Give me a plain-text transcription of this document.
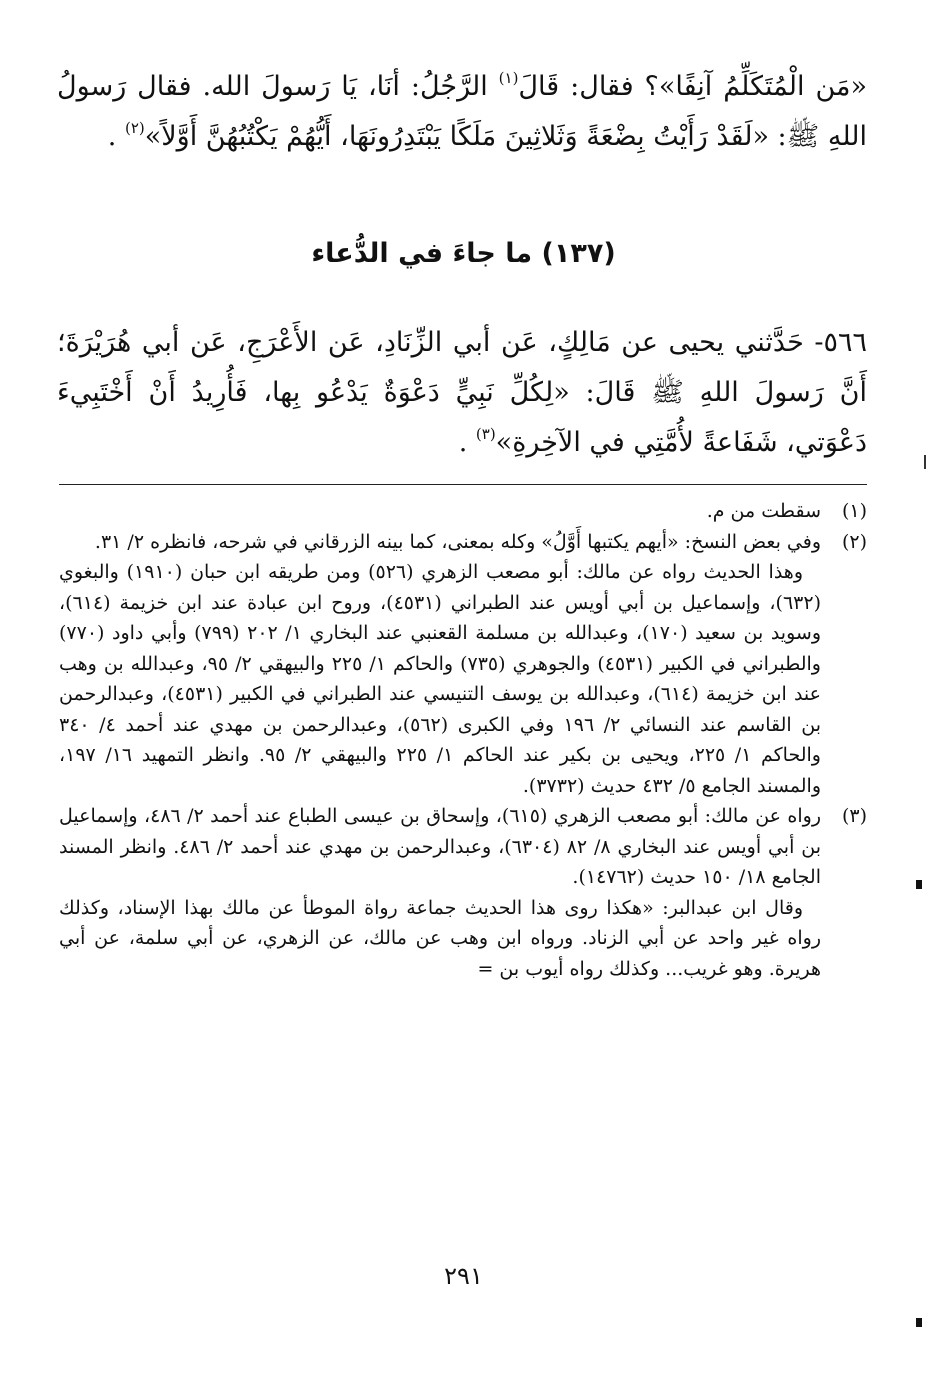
«مَن الْمُتَكَلِّمُ آنِفًا»؟ فقال: قَالَ$^{(١)}$ الرَّجُلُ: أنَا، يَا رَسولَ الله. فقال رَسولُ اللهِ ﷺ: «لَقَدْ رَأَيْتُ بِضْعَةً وَثَلاثِينَ مَلَكًا يَبْتَدِرُونَهَا، أَيُّهُمْ يَكْتُبُهُنَّ أَوَّلاً»$^{(٢)}$ .
(١٣٧) ما جاءَ في الدُّعاء
٥٦٦- حَدَّثني يحيى عن مَالِكٍ، عَن أبي الزِّنَادِ، عَن الأَعْرَجِ، عَن أبي هُرَيْرَةَ؛ أَنَّ رَسولَ اللهِ ﷺ قَالَ: «لِكُلِّ نَبِيٍّ دَعْوَةٌ يَدْعُو بِها، فَأُرِيدُ أَنْ أَخْتَبِيءَ دَعْوَتي، شَفَاعةً لأُمَّتِي في الآخِرةِ»$^{(٣)}$ .
(١)
سقطت من م.
(٢)
وفي بعض النسخ: «أيهم يكتبها أَوَّلُ» وكله بمعنى، كما بينه الزرقاني في شرحه، فانظره ٢/ ٣١.
وهذا الحديث رواه عن مالك: أبو مصعب الزهري (٥٢٦) ومن طريقه ابن حبان (١٩١٠) والبغوي (٦٣٢)، وإسماعيل بن أبي أويس عند الطبراني (٤٥٣١)، وروح ابن عبادة عند ابن خزيمة (٦١٤)، وسويد بن سعيد (١٧٠)، وعبدالله بن مسلمة القعنبي عند البخاري ١/ ٢٠٢ (٧٩٩) وأبي داود (٧٧٠) والطبراني في الكبير (٤٥٣١) والجوهري (٧٣٥) والحاكم ١/ ٢٢٥ والبيهقي ٢/ ٩٥، وعبدالله بن وهب عند ابن خزيمة (٦١٤)، وعبدالله بن يوسف التنيسي عند الطبراني في الكبير (٤٥٣١)، وعبدالرحمن بن القاسم عند النسائي ٢/ ١٩٦ وفي الكبرى (٥٦٢)، وعبدالرحمن بن مهدي عند أحمد ٤/ ٣٤٠ والحاكم ١/ ٢٢٥، ويحيى بن بكير عند الحاكم ١/ ٢٢٥ والبيهقي ٢/ ٩٥. وانظر التمهيد ١٦/ ١٩٧، والمسند الجامع ٥/ ٤٣٢ حديث (٣٧٣٢).
(٣)
رواه عن مالك: أبو مصعب الزهري (٦١٥)، وإسحاق بن عيسى الطباع عند أحمد ٢/ ٤٨٦، وإسماعيل بن أبي أويس عند البخاري ٨/ ٨٢ (٦٣٠٤)، وعبدالرحمن بن مهدي عند أحمد ٢/ ٤٨٦. وانظر المسند الجامع ١٨/ ١٥٠ حديث (١٤٧٦٢).
وقال ابن عبدالبر: «هكذا روى هذا الحديث جماعة رواة الموطأ عن مالك بهذا الإسناد، وكذلك رواه غير واحد عن أبي الزناد. ورواه ابن وهب عن مالك، عن الزهري، عن أبي سلمة، عن أبي هريرة. وهو غريب... وكذلك رواه أيوب بن =
٢٩١
